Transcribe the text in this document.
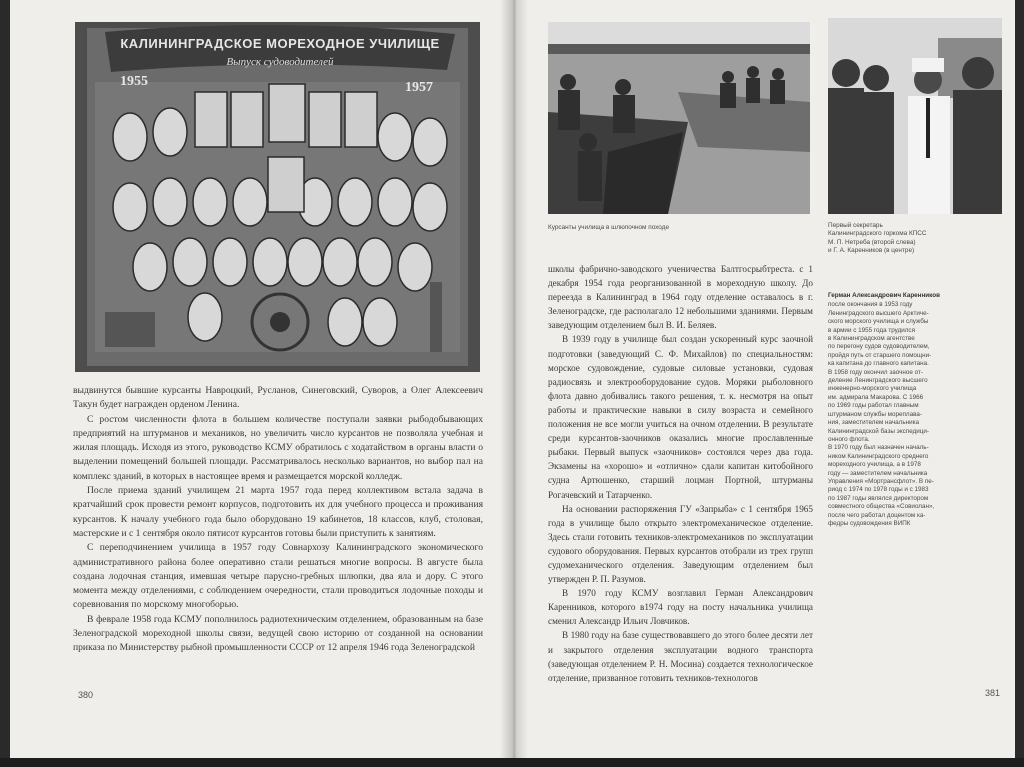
КАЛИНИНГРАДСКОЕ МОРЕХОДНОЕ УЧИЛИЩЕ
Выпуск судоводителей
1955	1957

выдвинутся бывшие курсанты Навроцкий, Русланов, Синеговский, Суворов, а Олег Алексеевич Такун будет награжден орденом Ленина.

С ростом численности флота в большем количестве поступали заявки рыбодобывающих предприятий на штурманов и механиков, но увеличить число курсантов не позволяла учебная и жилая площадь. Исходя из этого, руководство КСМУ обратилось с ходатайством в органы власти о выделении помещений большей площади. Рассматривалось несколько вариантов, но выбор пал на комплекс зданий, в которых в настоящее время и размещается морской колледж.

После приема зданий училищем 21 марта 1957 года перед коллективом встала задача в кратчайший срок провести ремонт корпусов, подготовить их для учебного процесса и проживания курсантов. К началу учебного года было оборудовано 19 кабинетов, 18 классов, клуб, столовая, мастерские и с 1 сентября около пятисот курсантов готовы были приступить к занятиям.

С переподчинением училища в 1957 году Совнархозу Калининградского экономического административного района более оперативно стали решаться многие вопросы. В августе была создана лодочная станция, имевшая четыре парусно-гребных шлюпки, два яла и дору. С этого момента между отделениями, с соблюдением очередности, стали проводиться лодочные походы и соревнования по морскому многоборью.

В феврале 1958 года КСМУ пополнилось радиотехническим отделением, образованным на базе Зеленоградской мореходной школы связи, ведущей свою историю от созданной на основании приказа по Министерству рыбной промышленности СССР от 12 апреля 1946 года Зеленоградской

380
Курсанты училища в шлюпочном походе	Первый секретарь
Калининградского горкома КПСС
М. П. Нетреба (второй слева)
и Г. А. Каренников (в центре)

школы фабрично-заводского ученичества Балтгосрыбтреста. с 1 декабря 1954 года реорганизованной в мореходную школу. До переезда в Калининград в 1964 году отделение оставалось в г. Зеленоградске, где располагало 12 небольшими зданиями. Первым заведующим отделением был В. И. Беляев.

В 1939 году в училище был создан ускоренный курс заочной подготовки (заведующий С. Ф. Михайлов) по специальностям: морское судовождение, судовые силовые установки, судовая радиосвязь и электрооборудование судов. Моряки рыболовного флота давно добивались такого решения, т. к. несмотря на опыт работы и практические навыки в силу возраста и семейного положения не все могли учиться на очном отделении. В результате среди курсантов-заочников оказались многие прославленные рыбаки. Первый выпуск «заочников» состоялся через два года. Экзамены на «хорошо» и «отлично» сдали капитан китобойного судна Артюшенко, старший лоцман Портной, штурманы Рогачевский и Татарченко.

На основании распоряжения ГУ «Запрыба» с 1 сентября 1965 года в училище было открыто электромеханическое отделение. Здесь стали готовить техников-электромехаников по эксплуатации судового оборудования. Первых курсантов отобрали из трех групп судомеханического отделения. Заведующим отделением был утвержден Р. П. Разумов.

В 1970 году КСМУ возглавил Герман Александрович Каренников, которого в1974 году на посту начальника училища сменил Александр Ильич Ловчиков.

В 1980 году на базе существовавшего до этого более десяти лет и закрытого отделения эксплуатации водного транспорта (заведующая отделением Р. Н. Мосина) создается технологическое отделение, призванное готовить техников-технологов

Герман Александрович Каренников
после окончания в 1953 году
Ленинградского высшего Арктиче-
ского морского училища и службы
в армии с 1955 года трудился
в Калининградском агентстве
по перегону судов судоводителем,
пройдя путь от старшего помощни-
ка капитана до главного капитана.
В 1958 году окончил заочное от-
деление Ленинградского высшего
инженерно-морского училища
им. адмирала Макарова. С 1966
по 1969 годы работал главным
штурманом службы мореплава-
ния, заместителем начальника
Калининградской базы экспедици-
онного флота.
В 1970 году был назначен началь-
ником Калининградского среднего
мореходного училища, а в 1978
году — заместителем начальника
Управления «Мортрансфлот». В пе-
риод с 1974 по 1978 годы и с 1983
по 1987 годы являлся директором
совместного общества «Совиолан»,
после чего работал доцентом ка-
федры судовождения ВИПК
381
